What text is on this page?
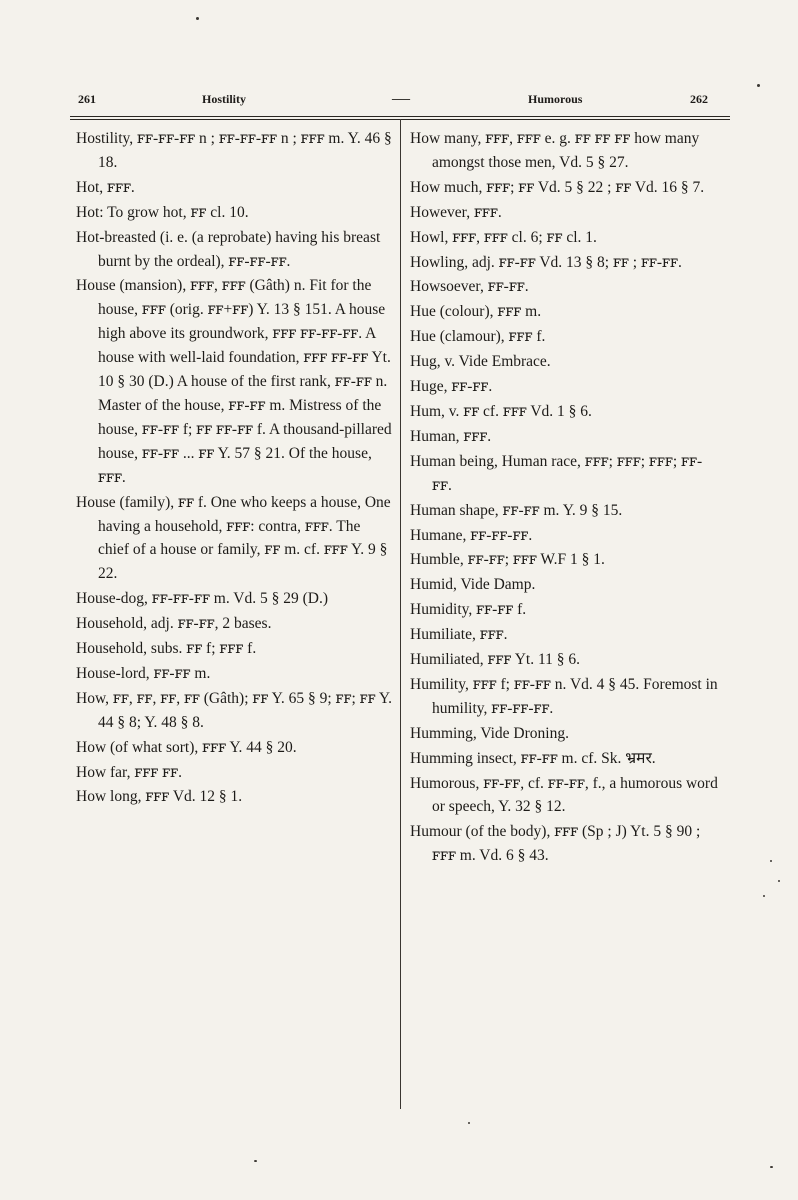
261	Hostility	—	Humorous	262

Hostility, ꜰꜰ-ꜰꜰ-ꜰꜰ n ; ꜰꜰ-ꜰꜰ-ꜰꜰ n ; ꜰꜰꜰ m. Y. 46 § 18.

Hot, ꜰꜰꜰ.

Hot: To grow hot, ꜰꜰ cl. 10.

Hot-breasted (i. e. (a reprobate) having his breast burnt by the ordeal), ꜰꜰ-ꜰꜰ-ꜰꜰ.

House (mansion), ꜰꜰꜰ, ꜰꜰꜰ (Gâth) n. Fit for the house, ꜰꜰꜰ (orig. ꜰꜰ+ꜰꜰ) Y. 13 § 151. A house high above its groundwork, ꜰꜰꜰ ꜰꜰ-ꜰꜰ-ꜰꜰ. A house with well-laid foundation, ꜰꜰꜰ ꜰꜰ-ꜰꜰ Yt. 10 § 30 (D.) A house of the first rank, ꜰꜰ-ꜰꜰ n. Master of the house, ꜰꜰ-ꜰꜰ m. Mistress of the house, ꜰꜰ-ꜰꜰ f; ꜰꜰ ꜰꜰ-ꜰꜰ f. A thousand-pillared house, ꜰꜰ-ꜰꜰ ... ꜰꜰ Y. 57 § 21. Of the house, ꜰꜰꜰ.

House (family), ꜰꜰ f. One who keeps a house, One having a household, ꜰꜰꜰ: contra, ꜰꜰꜰ. The chief of a house or family, ꜰꜰ m. cf. ꜰꜰꜰ Y. 9 § 22.

House-dog, ꜰꜰ-ꜰꜰ-ꜰꜰ m. Vd. 5 § 29 (D.)

Household, adj. ꜰꜰ-ꜰꜰ, 2 bases.

Household, subs. ꜰꜰ f; ꜰꜰꜰ f.

House-lord, ꜰꜰ-ꜰꜰ m.

How, ꜰꜰ, ꜰꜰ, ꜰꜰ, ꜰꜰ (Gâth); ꜰꜰ Y. 65 § 9; ꜰꜰ; ꜰꜰ Y. 44 § 8; Y. 48 § 8.

How (of what sort), ꜰꜰꜰ Y. 44 § 20.

How far, ꜰꜰꜰ ꜰꜰ.

How long, ꜰꜰꜰ Vd. 12 § 1.

How many, ꜰꜰꜰ, ꜰꜰꜰ e. g. ꜰꜰ ꜰꜰ ꜰꜰ how many amongst those men, Vd. 5 § 27.

How much, ꜰꜰꜰ; ꜰꜰ Vd. 5 § 22 ; ꜰꜰ Vd. 16 § 7.

However, ꜰꜰꜰ.

Howl, ꜰꜰꜰ, ꜰꜰꜰ cl. 6; ꜰꜰ cl. 1.

Howling, adj. ꜰꜰ-ꜰꜰ Vd. 13 § 8; ꜰꜰ ; ꜰꜰ-ꜰꜰ.

Howsoever, ꜰꜰ-ꜰꜰ.

Hue (colour), ꜰꜰꜰ m.

Hue (clamour), ꜰꜰꜰ f.

Hug, v. Vide Embrace.

Huge, ꜰꜰ-ꜰꜰ.

Hum, v. ꜰꜰ cf. ꜰꜰꜰ Vd. 1 § 6.

Human, ꜰꜰꜰ.

Human being, Human race, ꜰꜰꜰ; ꜰꜰꜰ; ꜰꜰꜰ; ꜰꜰ-ꜰꜰ.

Human shape, ꜰꜰ-ꜰꜰ m. Y. 9 § 15.

Humane, ꜰꜰ-ꜰꜰ-ꜰꜰ.

Humble, ꜰꜰ-ꜰꜰ; ꜰꜰꜰ W.F 1 § 1.

Humid, Vide Damp.

Humidity, ꜰꜰ-ꜰꜰ f.

Humiliate, ꜰꜰꜰ.

Humiliated, ꜰꜰꜰ Yt. 11 § 6.

Humility, ꜰꜰꜰ f; ꜰꜰ-ꜰꜰ n. Vd. 4 § 45. Foremost in humility, ꜰꜰ-ꜰꜰ-ꜰꜰ.

Humming, Vide Droning.

Humming insect, ꜰꜰ-ꜰꜰ m. cf. Sk. भ्रमर.

Humorous, ꜰꜰ-ꜰꜰ, cf. ꜰꜰ-ꜰꜰ, f., a humorous word or speech, Y. 32 § 12.

Humour (of the body), ꜰꜰꜰ (Sp ; J) Yt. 5 § 90 ; ꜰꜰꜰ m. Vd. 6 § 43.
